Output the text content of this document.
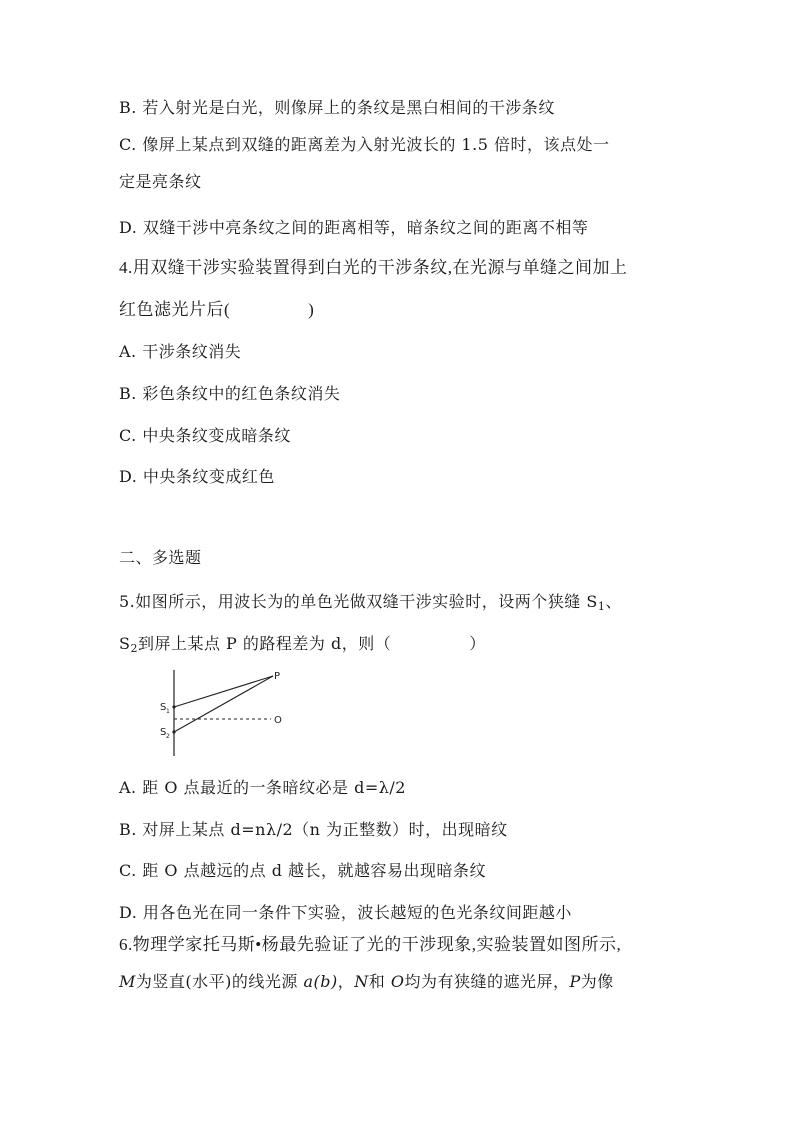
B. 若入射光是白光，则像屏上的条纹是黑白相间的干涉条纹
C. 像屏上某点到双缝的距离差为入射光波长的 1.5 倍时，该点处一
定是亮条纹
D. 双缝干涉中亮条纹之间的距离相等，暗条纹之间的距离不相等
4.用双缝干涉实验装置得到白光的干涉条纹,在光源与单缝之间加上
红色滤光片后(	)
A. 干涉条纹消失
B. 彩色条纹中的红色条纹消失
C. 中央条纹变成暗条纹
D. 中央条纹变成红色
二、多选题
5.如图所示，用波长为的单色光做双缝干涉实验时，设两个狭缝 $S_1$、
$S_2$到屏上某点 P 的路程差为 d，则（	）
P
O
S 1
S 2
A. 距 O 点最近的一条暗纹必是 d=λ/2
B. 对屏上某点 d=nλ/2（n 为正整数）时，出现暗纹
C. 距 O 点越远的点 d 越长，就越容易出现暗条纹
D. 用各色光在同一条件下实验，波长越短的色光条纹间距越小
6.物理学家托马斯•杨最先验证了光的干涉现象,实验装置如图所示,
M为竖直(水平)的线光源 a(b)，N和 O均为有狭缝的遮光屏，P为像
